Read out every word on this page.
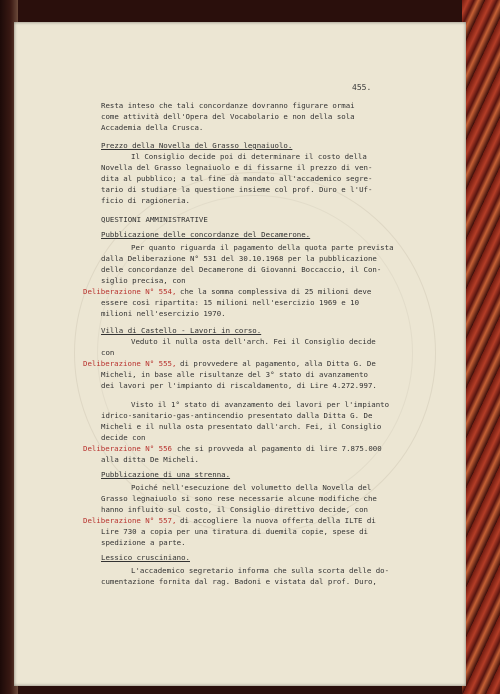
455.
Resta inteso che tali concordanze dovranno figurare ormai
come attività dell'Opera del Vocabolario e non della sola
Accademia della Crusca.
Prezzo della Novella del Grasso legnaiuolo.
Il Consiglio decide poi di determinare il costo della
Novella del Grasso legnaiuolo e di fissarne il prezzo di ven-
dita al pubblico; a tal fine dà mandato all'accademico segre-
tario di studiare la questione insieme col prof. Duro e l'Uf-
ficio di ragioneria.
QUESTIONI AMMINISTRATIVE
Pubblicazione delle concordanze del Decamerone.
Per quanto riguarda il pagamento della quota parte prevista
dalla Deliberazione N° 531 del 30.10.1968 per la pubblicazione
delle concordanze del Decamerone di Giovanni Boccaccio, il Con-
siglio precisa, con
Deliberazione N° 554, che la somma complessiva di 25 milioni deve
essere così ripartita: 15 milioni nell'esercizio 1969 e 10
milioni nell'esercizio 1970.
Villa di Castello - Lavori in corso.
Veduto il nulla osta dell'arch. Fei il Consiglio decide
con
Deliberazione N° 555, di provvedere al pagamento, alla Ditta G. De
Micheli, in base alle risultanze del 3° stato di avanzamento
dei lavori per l'impianto di riscaldamento, di Lire 4.272.997.
Visto il 1° stato di avanzamento dei lavori per l'impianto
idrico-sanitario-gas-antincendio presentato dalla Ditta G. De
Micheli e il nulla osta presentato dall'arch. Fei, il Consiglio
decide con
Deliberazione N° 556 che si provveda al pagamento di lire 7.875.000
alla ditta De Micheli.
Pubblicazione di una strenna.
Poiché nell'esecuzione del volumetto della Novella del
Grasso legnaiuolo si sono rese necessarie alcune modifiche che
hanno influito sul costo, il Consiglio direttivo decide, con
Deliberazione N° 557, di accogliere la nuova offerta della ILTE di
Lire 730 a copia per una tiratura di duemila copie, spese di
spedizione a parte.
Lessico crusciniano.
L'accademico segretario informa che sulla scorta delle do-
cumentazione fornita dal rag. Badoni e vistata dal prof. Duro,
